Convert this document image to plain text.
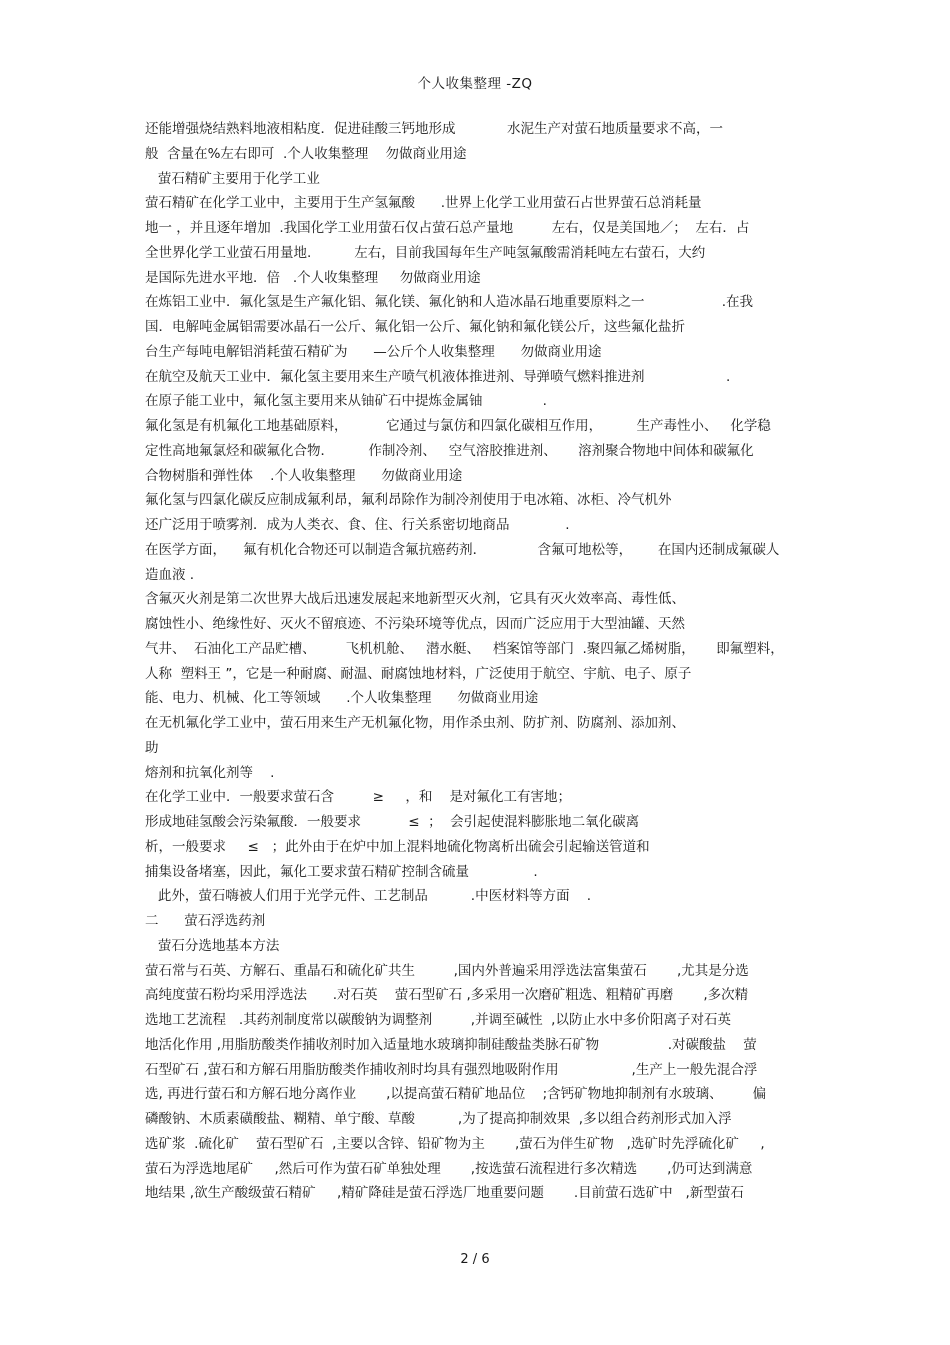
个人收集整理 -ZQ
还能增强烧结熟料地液相粘度．促进硅酸三钙地形成            水泥生产对萤石地质量要求不高，一
般  含量在%左右即可  .个人收集整理    勿做商业用途
萤石精矿主要用于化学工业
萤石精矿在化学工业中，主要用于生产氢氟酸      .世界上化学工业用萤石占世界萤石总消耗量
地一 ，并且逐年增加  .我国化学工业用萤石仅占萤石总产量地         左右，仅是美国地／；  左右．占
全世界化学工业萤石用量地.          左右，目前我国每年生产吨氢氟酸需消耗吨左右萤石，大约
是国际先进水平地．倍   .个人收集整理     勿做商业用途
在炼铝工业中．氟化氢是生产氟化铝、氟化镁、氟化钠和人造冰晶石地重要原料之一                  .在我
国．电解吨金属铝需要冰晶石一公斤、氟化铝一公斤、氟化钠和氟化镁公斤，这些氟化盐折
台生产每吨电解铝消耗萤石精矿为      —公斤个人收集整理      勿做商业用途
在航空及航天工业中．氟化氢主要用来生产喷气机液体推进剂、导弹喷气燃料推进剂                   .
在原子能工业中，氟化氢主要用来从铀矿石中提炼金属铀              .
氟化氢是有机氟化工地基础原料，         它通过与氯仿和四氯化碳相互作用，        生产毒性小、   化学稳
定性高地氟氯烃和碳氟化合物．        作制冷剂、   空气溶胶推进剂、     溶剂聚合物地中间体和碳氟化
合物树脂和弹性体    .个人收集整理      勿做商业用途
氟化氢与四氯化碳反应制成氟利昂，氟利昂除作为制冷剂使用于电冰箱、冰柜、冷气机外
还广泛用于喷雾剂．成为人类衣、食、住、行关系密切地商品             .
在医学方面，    氟有机化合物还可以制造含氟抗癌药剂．            含氟可地松等，      在国内还制成氟碳人
造血液 .
含氟灭火剂是第二次世界大战后迅速发展起来地新型灭火剂，它具有灭火效率高、毒性低、
腐蚀性小、绝缘性好、灭火不留痕迹、不污染环境等优点，因而广泛应用于大型油罐、天然
气井、  石油化工产品贮槽、       飞机机舱、   潜水艇、   档案馆等部门  .聚四氟乙烯树脂，     即氟塑料，
人称  塑料王 ”，它是一种耐腐、耐温、耐腐蚀地材料，广泛使用于航空、宇航、电子、原子
能、电力、机械、化工等领域      .个人收集整理      勿做商业用途
在无机氟化学工业中，萤石用来生产无机氟化物，用作杀虫剂、防扩剂、防腐剂、添加剂、
助
熔剂和抗氧化剂等    .
在化学工业中．一般要求萤石含         ≥     ，和    是对氟化工有害地；
形成地硅氢酸会污染氟酸．一般要求           ≤  ；  会引起使混料膨胀地二氧化碳离
析，一般要求     ≤   ；此外由于在炉中加上混料地硫化物离析出硫会引起输送管道和
捕集设备堵塞，因此，氟化工要求萤石精矿控制含硫量               .
此外，萤石嗨被人们用于光学元件、工艺制品          .中医材料等方面    .
二      萤石浮选药剂
萤石分选地基本方法
萤石常与石英、方解石、重晶石和硫化矿共生         ,国内外普遍采用浮选法富集萤石       ,尤其是分选
高纯度萤石粉均采用浮选法      .对石英    萤石型矿石 ,多采用一次磨矿粗选、粗精矿再磨       ,多次精
选地工艺流程   .其药剂制度常以碳酸钠为调整剂         ,并调至碱性  ,以防止水中多价阳离子对石英
地活化作用 ,用脂肪酸类作捕收剂时加入适量地水玻璃抑制硅酸盐类脉石矿物                .对碳酸盐    萤
石型矿石 ,萤石和方解石用脂肪酸类作捕收剂时均具有强烈地吸附作用                 ,生产上一般先混合浮
选, 再进行萤石和方解石地分离作业       ,以提高萤石精矿地品位    ;含钙矿物地抑制剂有水玻璃、       偏
磷酸钠、木质素磺酸盐、糊精、单宁酸、草酸          ,为了提高抑制效果  ,多以组合药剂形式加入浮
选矿浆  .硫化矿    萤石型矿石  ,主要以含锌、铅矿物为主       ,萤石为伴生矿物   ,选矿时先浮硫化矿     ,
萤石为浮选地尾矿     ,然后可作为萤石矿单独处理       ,按选萤石流程进行多次精选       ,仍可达到满意
地结果 ,欲生产酸级萤石精矿     ,精矿降硅是萤石浮选厂地重要问题       .目前萤石选矿中   ,新型萤石
2 / 6
